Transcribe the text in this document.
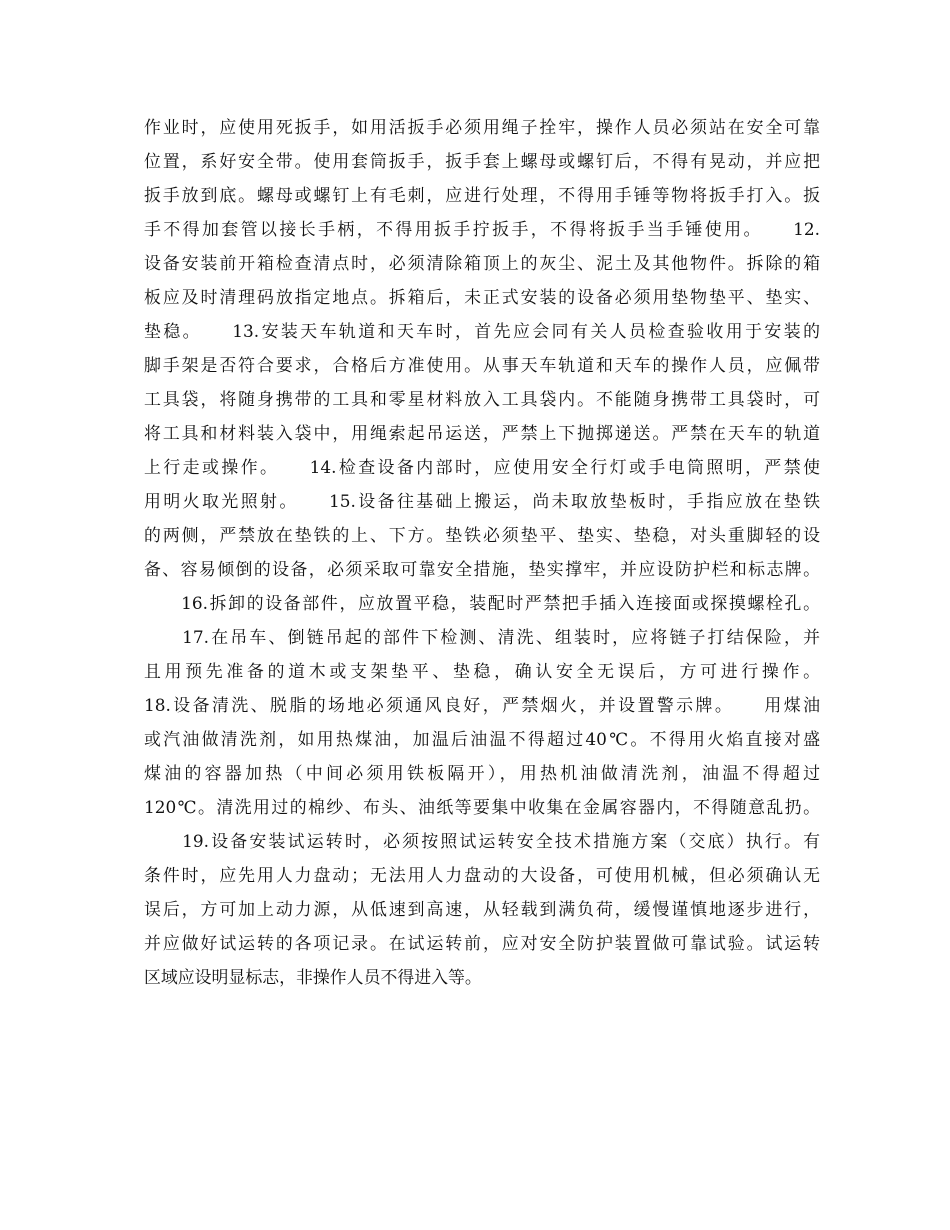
作业时，应使用死扳手，如用活扳手必须用绳子拴牢，操作人员必须站在安全可靠
位置，系好安全带。使用套筒扳手，扳手套上螺母或螺钉后，不得有晃动，并应把
扳手放到底。螺母或螺钉上有毛刺，应进行处理，不得用手锤等物将扳手打入。扳
手不得加套管以接长手柄，不得用扳手拧扳手，不得将扳手当手锤使用。　　12.
设备安装前开箱检查清点时，必须清除箱顶上的灰尘、泥土及其他物件。拆除的箱
板应及时清理码放指定地点。拆箱后，未正式安装的设备必须用垫物垫平、垫实、
垫稳。　　13.安装天车轨道和天车时，首先应会同有关人员检查验收用于安装的
脚手架是否符合要求，合格后方准使用。从事天车轨道和天车的操作人员，应佩带
工具袋，将随身携带的工具和零星材料放入工具袋内。不能随身携带工具袋时，可
将工具和材料装入袋中，用绳索起吊运送，严禁上下抛掷递送。严禁在天车的轨道
上行走或操作。　　14.检查设备内部时，应使用安全行灯或手电筒照明，严禁使
用明火取光照射。　　15.设备往基础上搬运，尚未取放垫板时，手指应放在垫铁
的两侧，严禁放在垫铁的上、下方。垫铁必须垫平、垫实、垫稳，对头重脚轻的设
备、容易倾倒的设备，必须采取可靠安全措施，垫实撑牢，并应设防护栏和标志牌。
　　16.拆卸的设备部件，应放置平稳，装配时严禁把手插入连接面或探摸螺栓孔。
　　17.在吊车、倒链吊起的部件下检测、清洗、组装时，应将链子打结保险，并
且用预先准备的道木或支架垫平、垫稳，确认安全无误后，方可进行操作。
18.设备清洗、脱脂的场地必须通风良好，严禁烟火，并设置警示牌。　　用煤油
或汽油做清洗剂，如用热煤油，加温后油温不得超过40℃。不得用火焰直接对盛
煤油的容器加热（中间必须用铁板隔开），用热机油做清洗剂，油温不得超过
120℃。清洗用过的棉纱、布头、油纸等要集中收集在金属容器内，不得随意乱扔。
　　19.设备安装试运转时，必须按照试运转安全技术措施方案（交底）执行。有
条件时，应先用人力盘动；无法用人力盘动的大设备，可使用机械，但必须确认无
误后，方可加上动力源，从低速到高速，从轻载到满负荷，缓慢谨慎地逐步进行，
并应做好试运转的各项记录。在试运转前，应对安全防护装置做可靠试验。试运转
区域应设明显标志，非操作人员不得进入等。
